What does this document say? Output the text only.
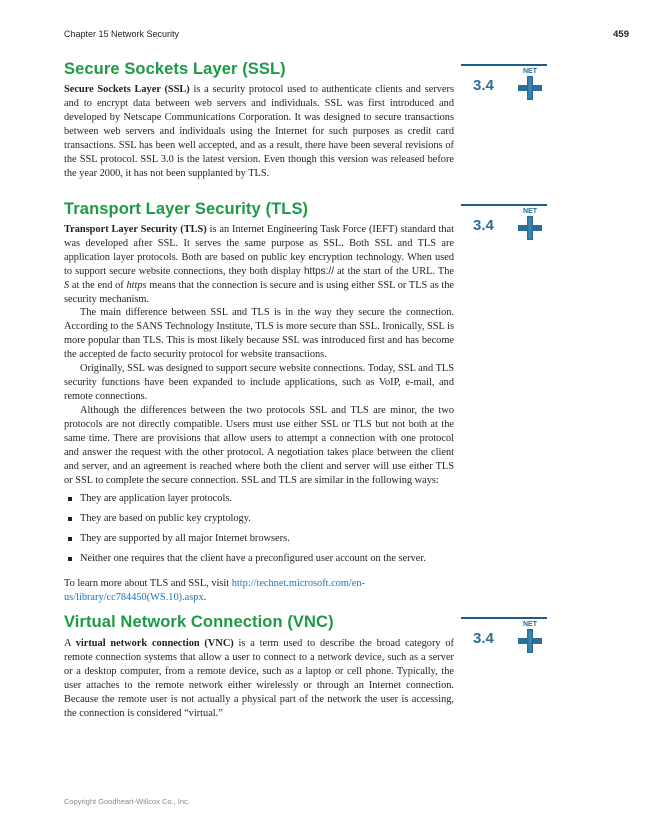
Chapter 15 Network Security	459
Secure Sockets Layer (SSL)
3.4
NET

Secure Sockets Layer (SSL) is a security protocol used to authenticate clients and servers and to encrypt data between web servers and individuals. SSL was first introduced and developed by Netscape Communications Corporation. It was designed to secure transactions between web servers and individuals using the Internet for such purposes as credit card transactions. SSL has been well accepted, and as a result, there have been several revisions of the SSL protocol. SSL 3.0 is the latest version. Even though this version was released before the year 2000, it has not been supplanted by TLS.

Transport Layer Security (TLS)
3.4
NET

Transport Layer Security (TLS) is an Internet Engineering Task Force (IEFT) standard that was developed after SSL. It serves the same purpose as SSL. Both SSL and TLS are application layer protocols. Both are based on public key encryption technology. When used to support secure website connections, they both display https:// at the start of the URL. The S at the end of https means that the connection is secure and is using either SSL or TLS as the security mechanism.

The main difference between SSL and TLS is in the way they secure the connection. According to the SANS Technology Institute, TLS is more secure than SSL. Ironically, SSL is more popular than TLS. This is most likely because SSL was introduced first and has become the accepted de facto security protocol for website transactions.

Originally, SSL was designed to support secure website connections. Today, SSL and TLS security functions have been expanded to include applications, such as VoIP, e-mail, and remote connections.

Although the differences between the two protocols SSL and TLS are minor, the two protocols are not directly compatible. Users must use either SSL or TLS but not both at the same time. There are provisions that allow users to attempt a connection with one protocol and answer the request with the other protocol. A negotiation takes place between the client and server, and an agreement is reached where both the client and server will use either TLS or SSL to complete the secure connection. SSL and TLS are similar in the following ways:

They are application layer protocols.
They are based on public key cryptology.
They are supported by all major Internet browsers.
Neither one requires that the client have a preconfigured user account on the server.

To learn more about TLS and SSL, visit http://technet.microsoft.com/en-us/library/cc784450(WS.10).aspx.

Virtual Network Connection (VNC)
3.4
NET

A virtual network connection (VNC) is a term used to describe the broad category of remote connection systems that allow a user to connect to a network device, such as a server or a desktop computer, from a remote device, such as a laptop or cell phone. Typically, the user attaches to the remote network either wirelessly or through an Internet connection. Because the remote user is not actually a physical part of the network the user is accessing, the connection is considered “virtual.”

Copyright Goodheart-Willcox Co., Inc.
